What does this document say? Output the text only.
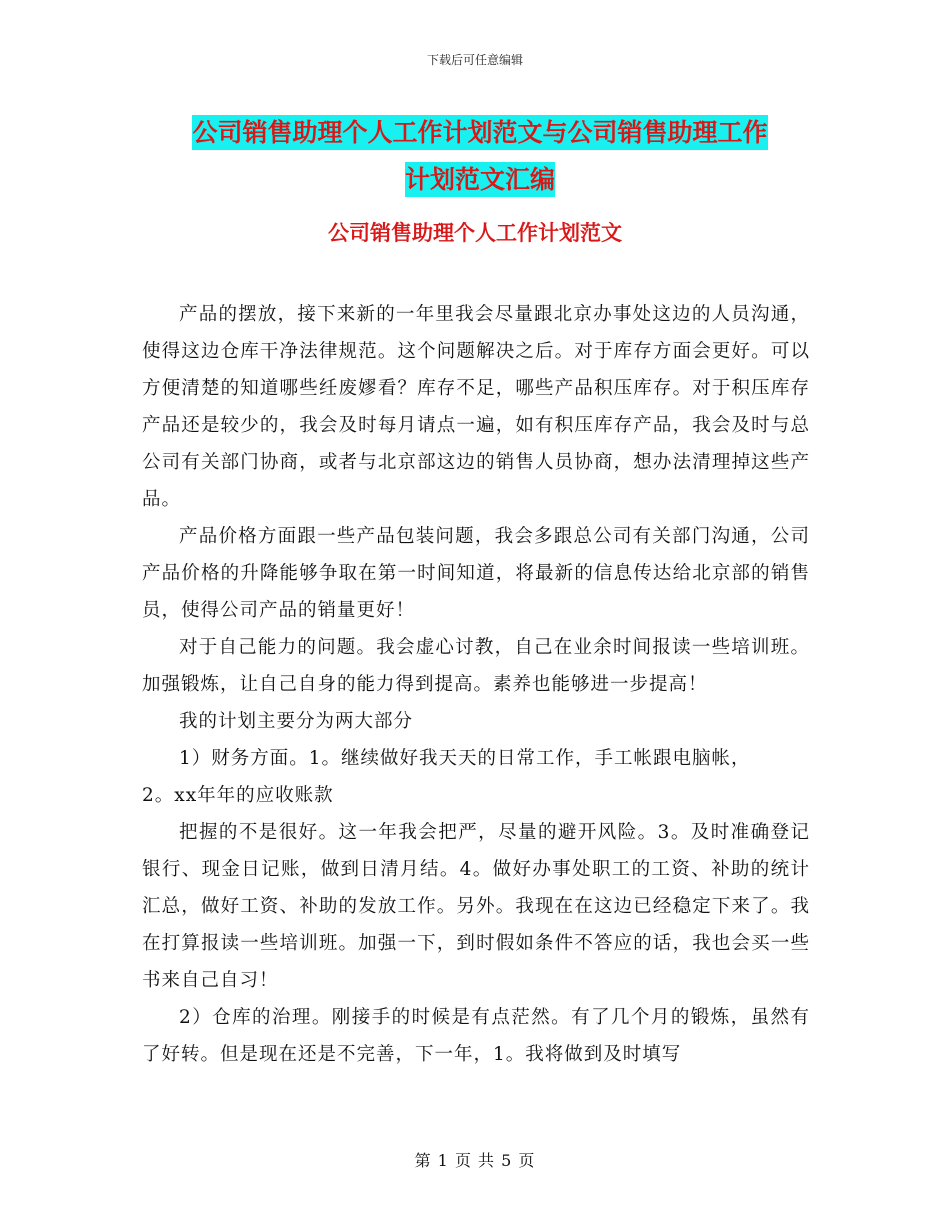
下载后可任意编辑
公司销售助理个人工作计划范文与公司销售助理工作
计划范文汇编
公司销售助理个人工作计划范文

产品的摆放，接下来新的一年里我会尽量跟北京办事处这边的人员沟通，使得这边仓库干净法律规范。这个问题解决之后。对于库存方面会更好。可以方便清楚的知道哪些纴废嫪看？库存不足，哪些产品积压库存。对于积压库存产品还是较少的，我会及时每月请点一遍，如有积压库存产品，我会及时与总公司有关部门协商，或者与北京部这边的销售人员协商，想办法清理掉这些产品。

产品价格方面跟一些产品包装问题，我会多跟总公司有关部门沟通，公司产品价格的升降能够争取在第一时间知道，将最新的信息传达给北京部的销售员，使得公司产品的销量更好！

对于自己能力的问题。我会虚心讨教，自己在业余时间报读一些培训班。加强锻炼，让自己自身的能力得到提高。素养也能够进一步提高！

我的计划主要分为两大部分

1）财务方面。1。继续做好我天天的日常工作，手工帐跟电脑帐，

2。xx年年的应收账款

把握的不是很好。这一年我会把严，尽量的避开风险。3。及时准确登记银行、现金日记账，做到日清月结。4。做好办事处职工的工资、补助的统计汇总，做好工资、补助的发放工作。另外。我现在在这边已经稳定下来了。我在打算报读一些培训班。加强一下，到时假如条件不答应的话，我也会买一些书来自己自习！

2）仓库的治理。刚接手的时候是有点茫然。有了几个月的锻炼，虽然有了好转。但是现在还是不完善，下一年，1。我将做到及时填写

第 1 页 共 5 页
